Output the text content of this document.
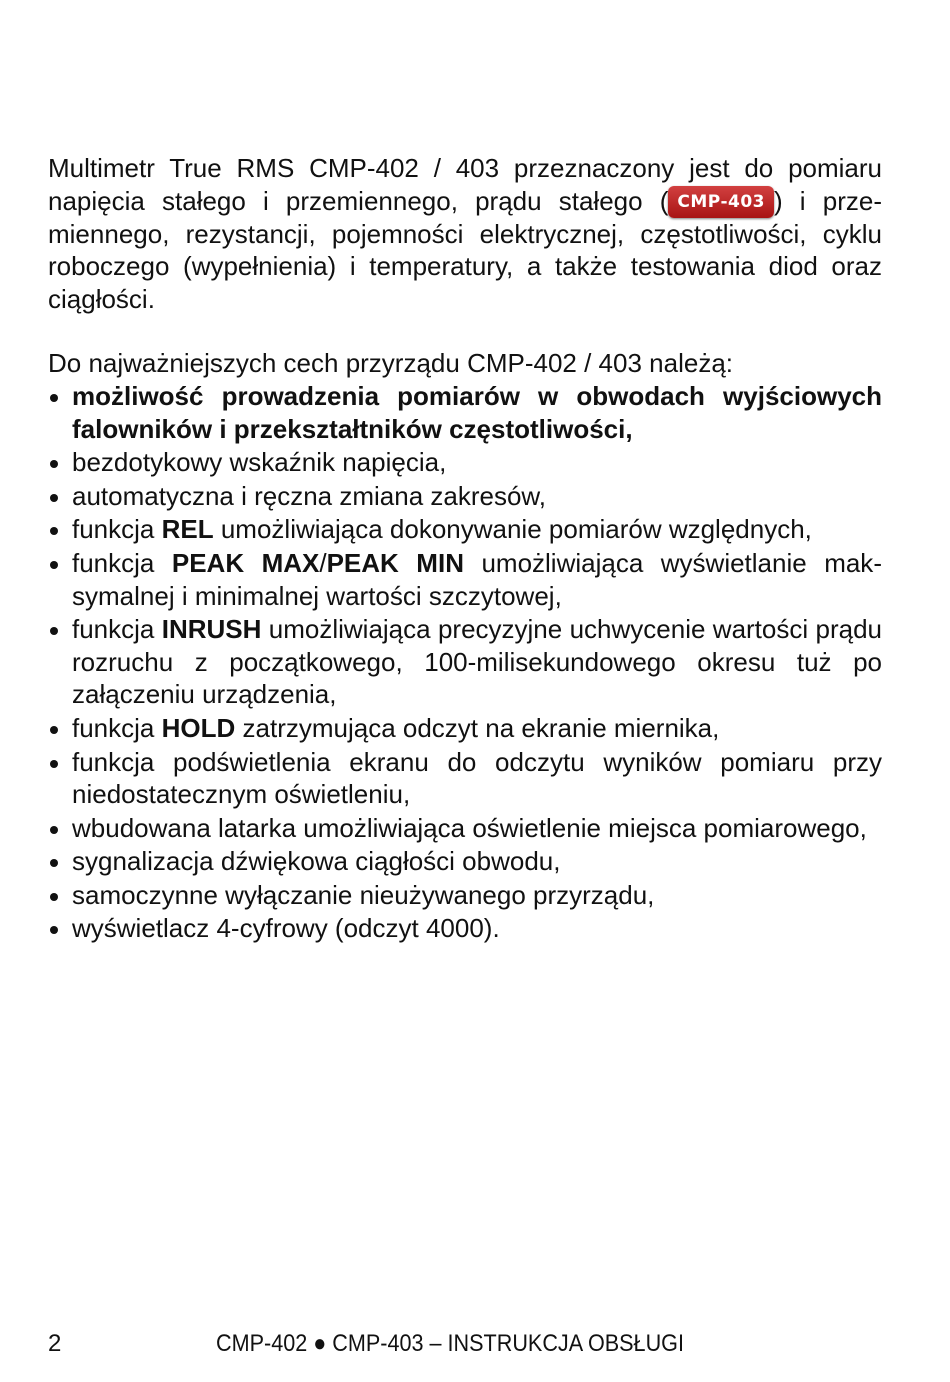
Multimetr True RMS CMP-402 / 403 przeznaczony jest do pomiaru napięcia stałego i przemiennego, prądu stałego ( CMP-403 ) i przemiennego, rezystancji, pojemności elektrycznej, częstotliwości, cyklu roboczego (wypełnienia) i temperatury, a także testowania diod oraz ciągłości.

Do najważniejszych cech przyrządu CMP-402 / 403 należą:

możliwość prowadzenia pomiarów w obwodach wyjściowych falowników i przekształtników częstotliwości,
bezdotykowy wskaźnik napięcia,
automatyczna i ręczna zmiana zakresów,
funkcja REL umożliwiająca dokonywanie pomiarów względnych,
funkcja PEAK MAX/PEAK MIN umożliwiająca wyświetlanie maksymalnej i minimalnej wartości szczytowej,
funkcja INRUSH umożliwiająca precyzyjne uchwycenie wartości prądu rozruchu z początkowego, 100-milisekundowego okresu tuż po załączeniu urządzenia,
funkcja HOLD zatrzymująca odczyt na ekranie miernika,
funkcja podświetlenia ekranu do odczytu wyników pomiaru przy niedostatecznym oświetleniu,
wbudowana latarka umożliwiająca oświetlenie miejsca pomiarowego,
sygnalizacja dźwiękowa ciągłości obwodu,
samoczynne wyłączanie nieużywanego przyrządu,
wyświetlacz 4-cyfrowy (odczyt 4000).
2	CMP-402 ● CMP-403 – INSTRUKCJA OBSŁUGI
